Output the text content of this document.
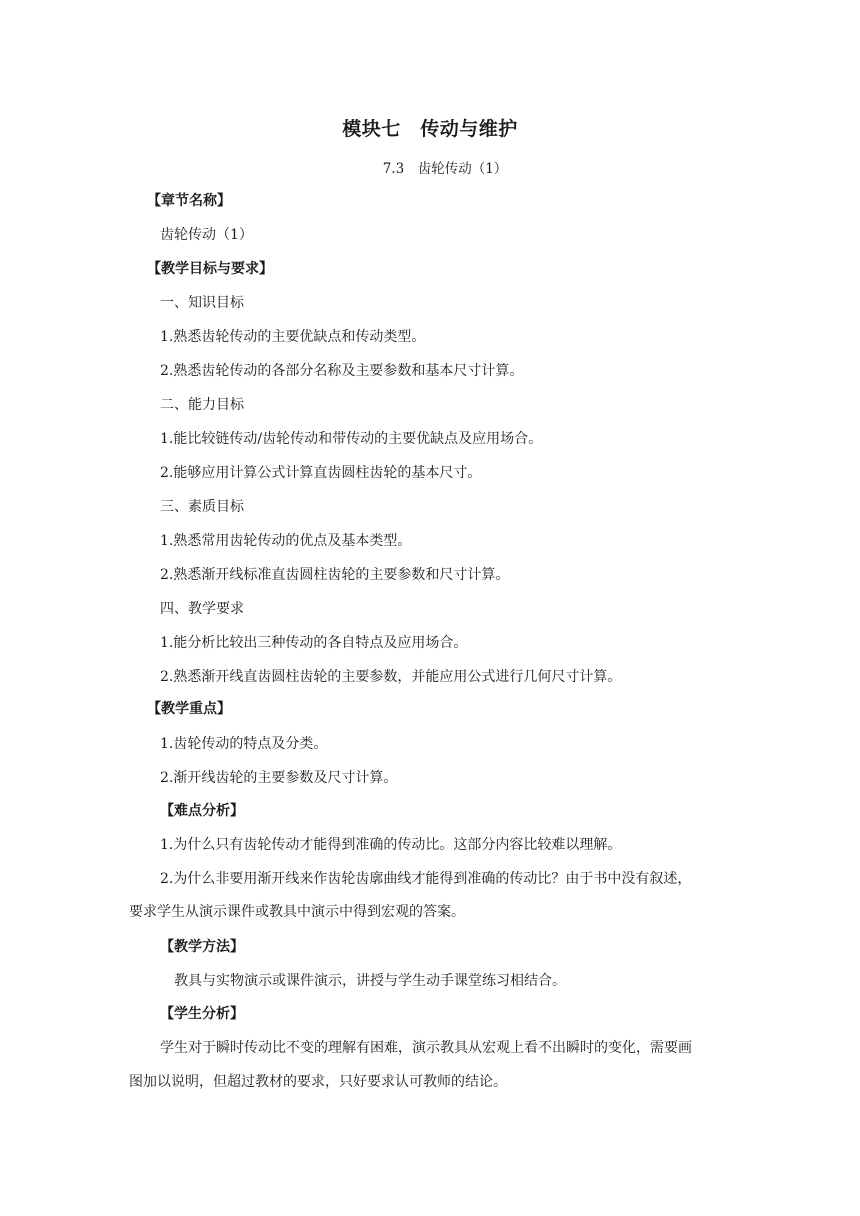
模块七　传动与维护
7.3　齿轮传动（1）
【章节名称】
齿轮传动（1）
【教学目标与要求】
一、知识目标
1.熟悉齿轮传动的主要优缺点和传动类型。
2.熟悉齿轮传动的各部分名称及主要参数和基本尺寸计算。
二、能力目标
1.能比较链传动/齿轮传动和带传动的主要优缺点及应用场合。
2.能够应用计算公式计算直齿圆柱齿轮的基本尺寸。
三、素质目标
1.熟悉常用齿轮传动的优点及基本类型。
2.熟悉渐开线标准直齿圆柱齿轮的主要参数和尺寸计算。
四、教学要求
1.能分析比较出三种传动的各自特点及应用场合。
2.熟悉渐开线直齿圆柱齿轮的主要参数，并能应用公式进行几何尺寸计算。
【教学重点】
1.齿轮传动的特点及分类。
2.渐开线齿轮的主要参数及尺寸计算。
【难点分析】
1.为什么只有齿轮传动才能得到准确的传动比。这部分内容比较难以理解。
2.为什么非要用渐开线来作齿轮齿廓曲线才能得到准确的传动比？由于书中没有叙述，
要求学生从演示课件或教具中演示中得到宏观的答案。
【教学方法】
教具与实物演示或课件演示，讲授与学生动手课堂练习相结合。
【学生分析】
学生对于瞬时传动比不变的理解有困难，演示教具从宏观上看不出瞬时的变化，需要画
图加以说明，但超过教材的要求，只好要求认可教师的结论。
